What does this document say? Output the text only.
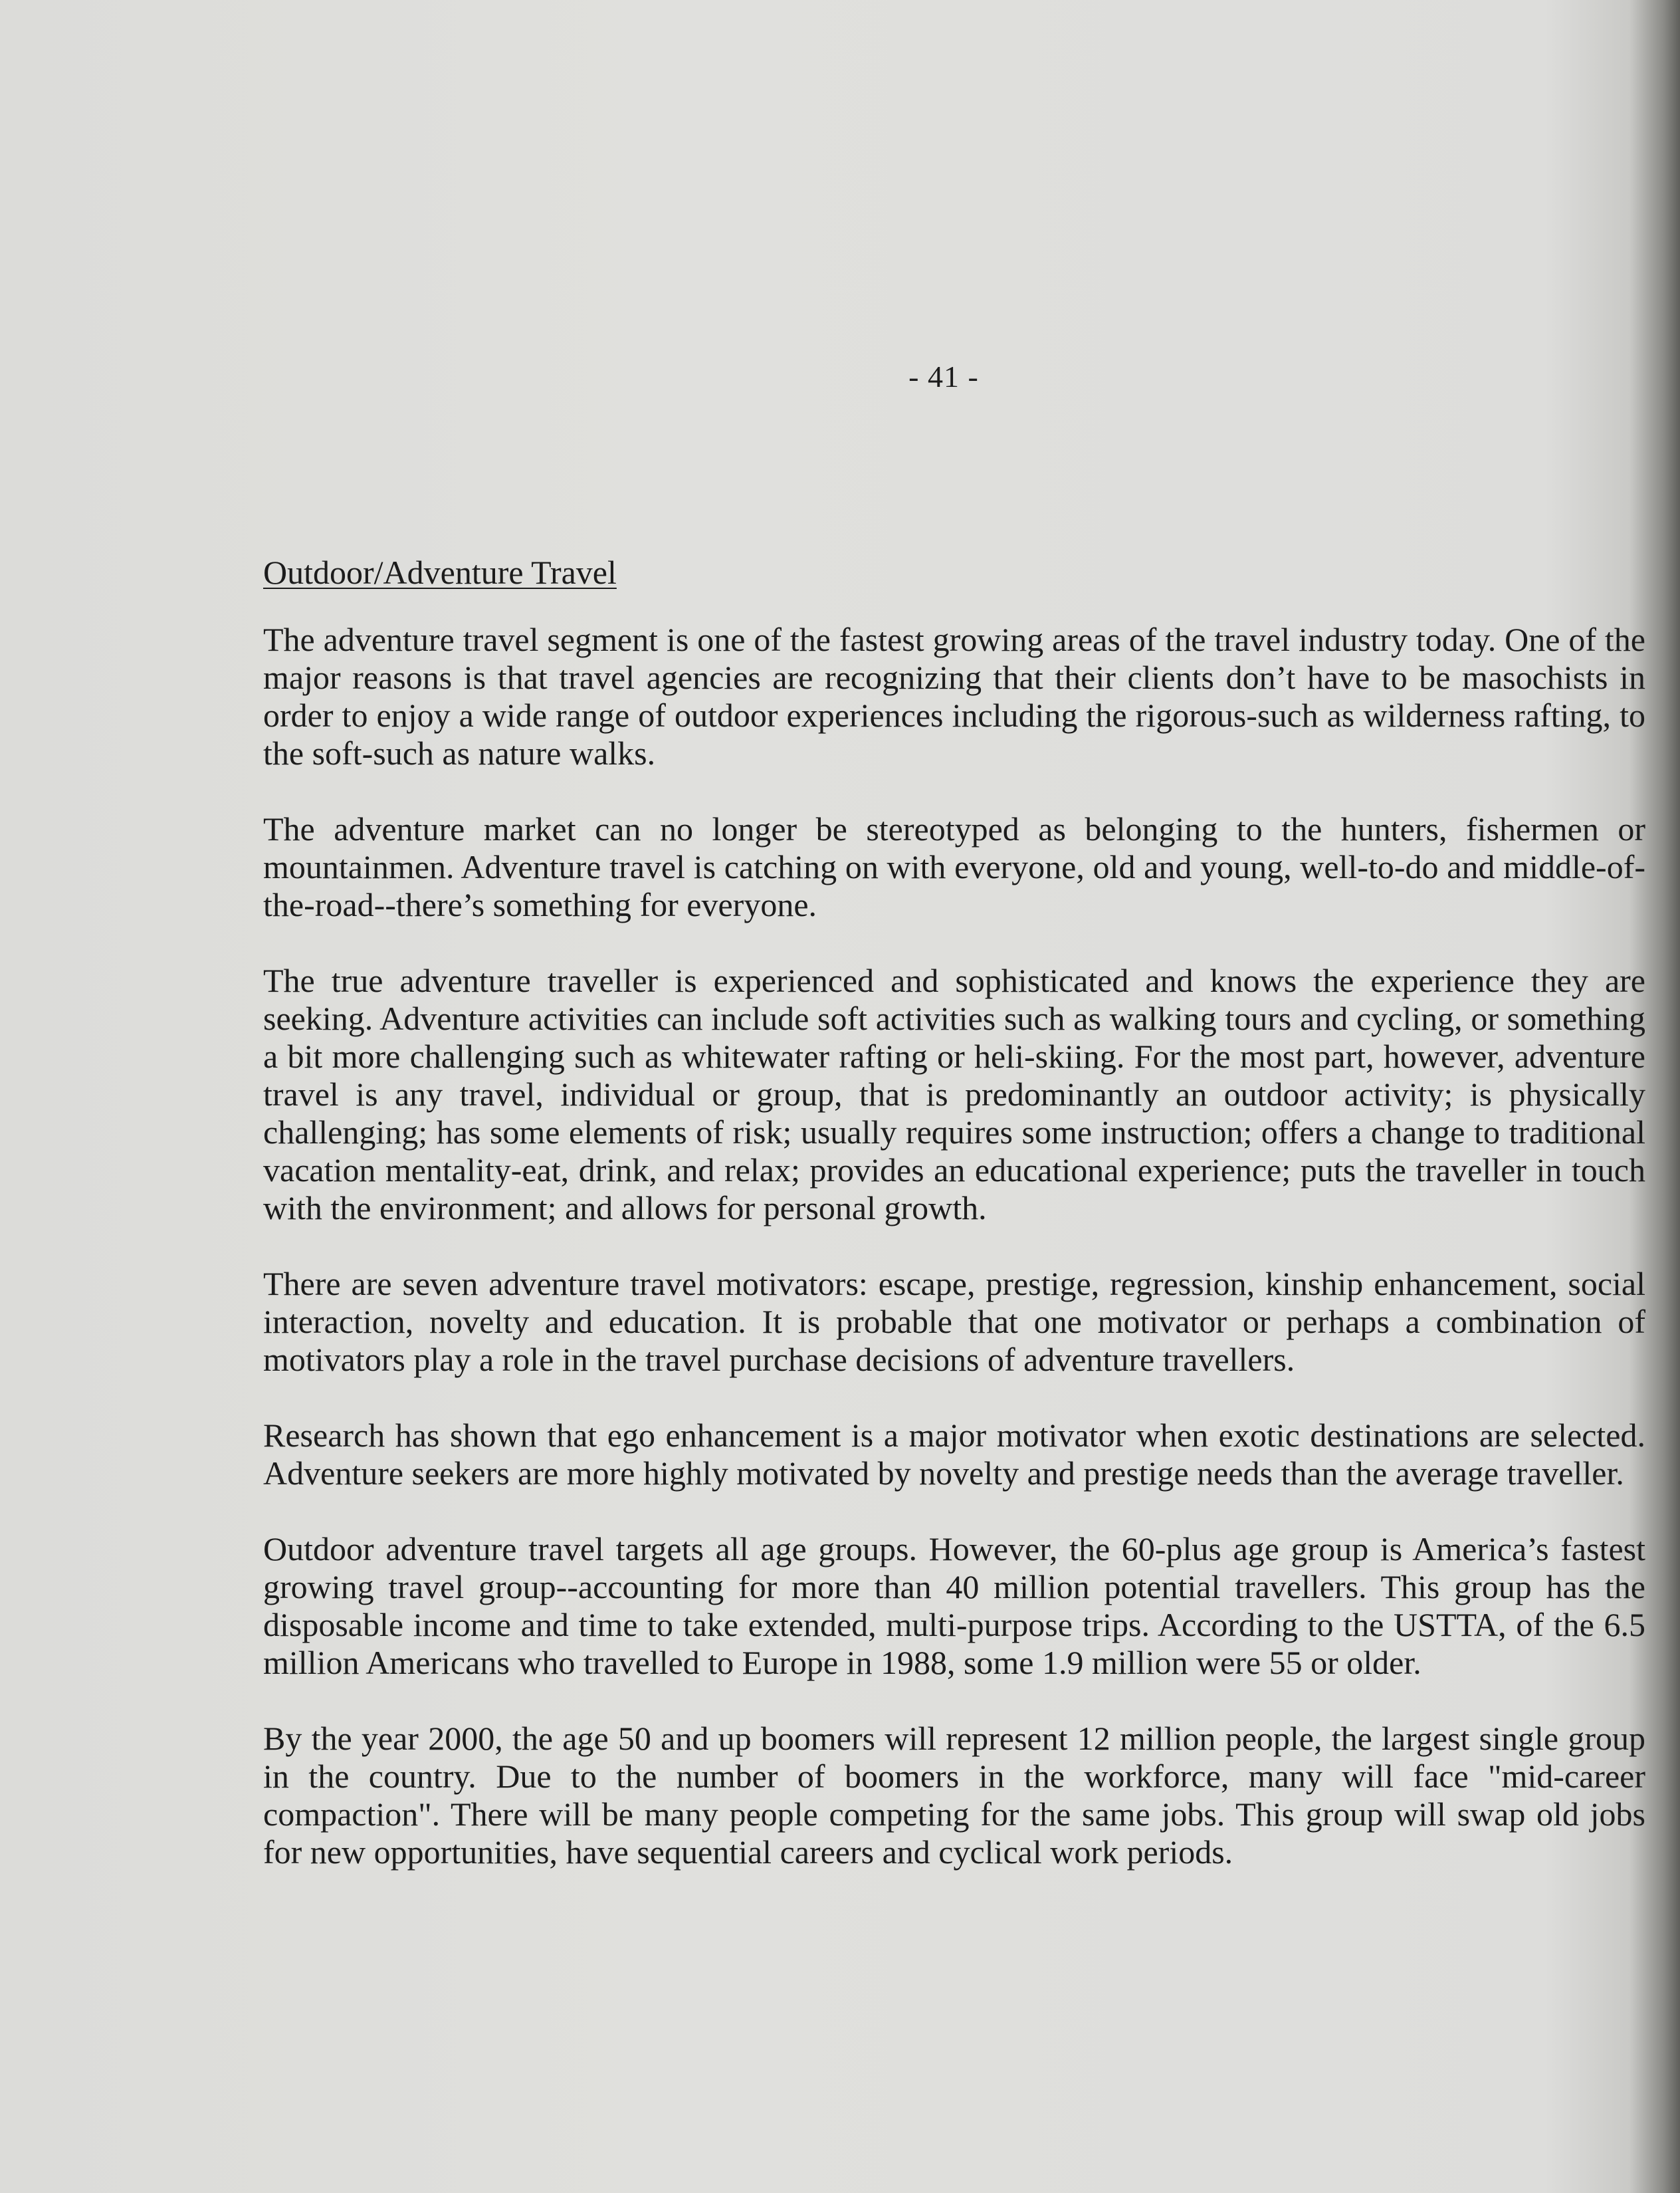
- 41 -
Outdoor/Adventure Travel

The adventure travel segment is one of the fastest growing areas of the travel industry today. One of the major reasons is that travel agencies are recognizing that their clients don’t have to be masochists in order to enjoy a wide range of outdoor experiences including the rigorous-such as wilderness rafting, to the soft-such as nature walks.

The adventure market can no longer be stereotyped as belonging to the hunters, fishermen or mountainmen. Adventure travel is catching on with everyone, old and young, well-to-do and middle-of-the-road--there’s something for everyone.

The true adventure traveller is experienced and sophisticated and knows the experience they are seeking. Adventure activities can include soft activities such as walking tours and cycling, or something a bit more challenging such as whitewater rafting or heli-skiing. For the most part, however, adventure travel is any travel, individual or group, that is predominantly an outdoor activity; is physically challenging; has some elements of risk; usually requires some instruction; offers a change to traditional vacation mentality-eat, drink, and relax; provides an educational experience; puts the traveller in touch with the environment; and allows for personal growth.

There are seven adventure travel motivators: escape, prestige, regression, kinship enhancement, social interaction, novelty and education. It is probable that one motivator or perhaps a combination of motivators play a role in the travel purchase decisions of adventure travellers.

Research has shown that ego enhancement is a major motivator when exotic destinations are selected. Adventure seekers are more highly motivated by novelty and prestige needs than the average traveller.

Outdoor adventure travel targets all age groups. However, the 60-plus age group is America’s fastest growing travel group--accounting for more than 40 million potential travellers. This group has the disposable income and time to take extended, multi-purpose trips. According to the USTTA, of the 6.5 million Americans who travelled to Europe in 1988, some 1.9 million were 55 or older.

By the year 2000, the age 50 and up boomers will represent 12 million people, the largest single group in the country. Due to the number of boomers in the workforce, many will face "mid-career compaction". There will be many people competing for the same jobs. This group will swap old jobs for new opportunities, have sequential careers and cyclical work periods.
